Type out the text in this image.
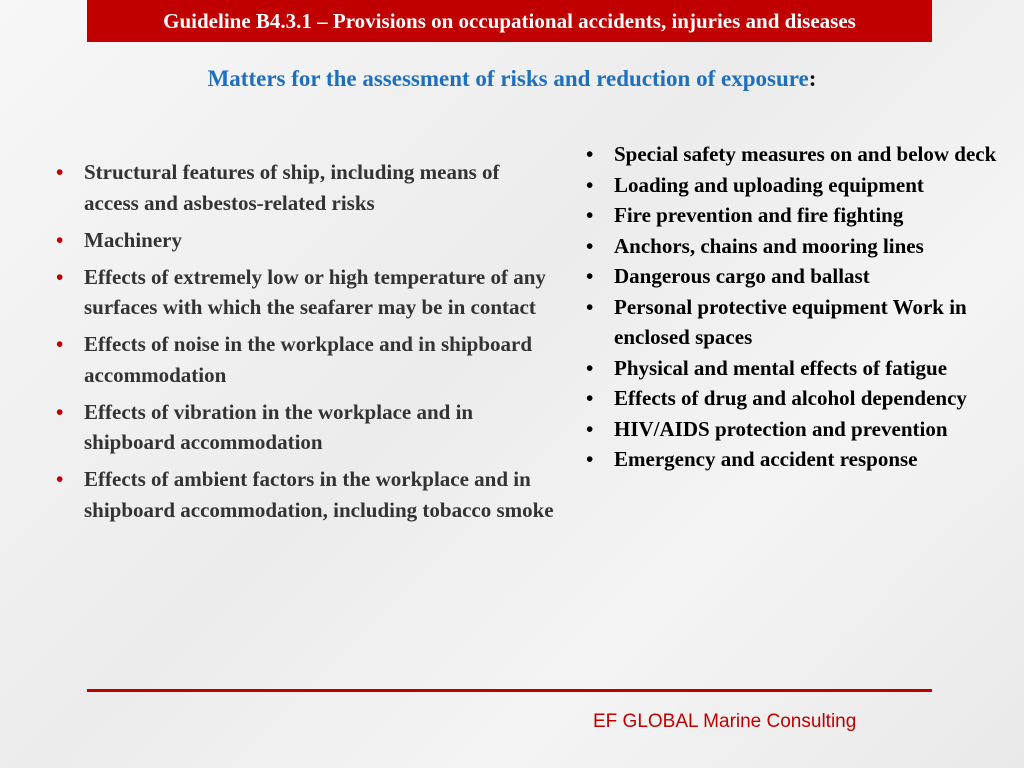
Guideline B4.3.1 – Provisions on occupational accidents, injuries and diseases
Matters for the assessment of risks and reduction of exposure:
• Structural features of ship, including means of access and asbestos-related risks
• Machinery
• Effects of extremely low or high temperature of any surfaces with which the seafarer may be in contact
• Effects of noise in the workplace and in shipboard accommodation
• Effects of vibration in the workplace and in shipboard accommodation
• Effects of ambient factors in the workplace and in shipboard accommodation, including tobacco smoke
• Special safety measures on and below deck
• Loading and uploading equipment
• Fire prevention and fire fighting
• Anchors, chains and mooring lines
• Dangerous cargo and ballast
• Personal protective equipment Work in enclosed spaces
• Physical and mental effects of fatigue
• Effects of drug and alcohol dependency
• HIV/AIDS protection and prevention
• Emergency and accident response
EF GLOBAL Marine Consulting
